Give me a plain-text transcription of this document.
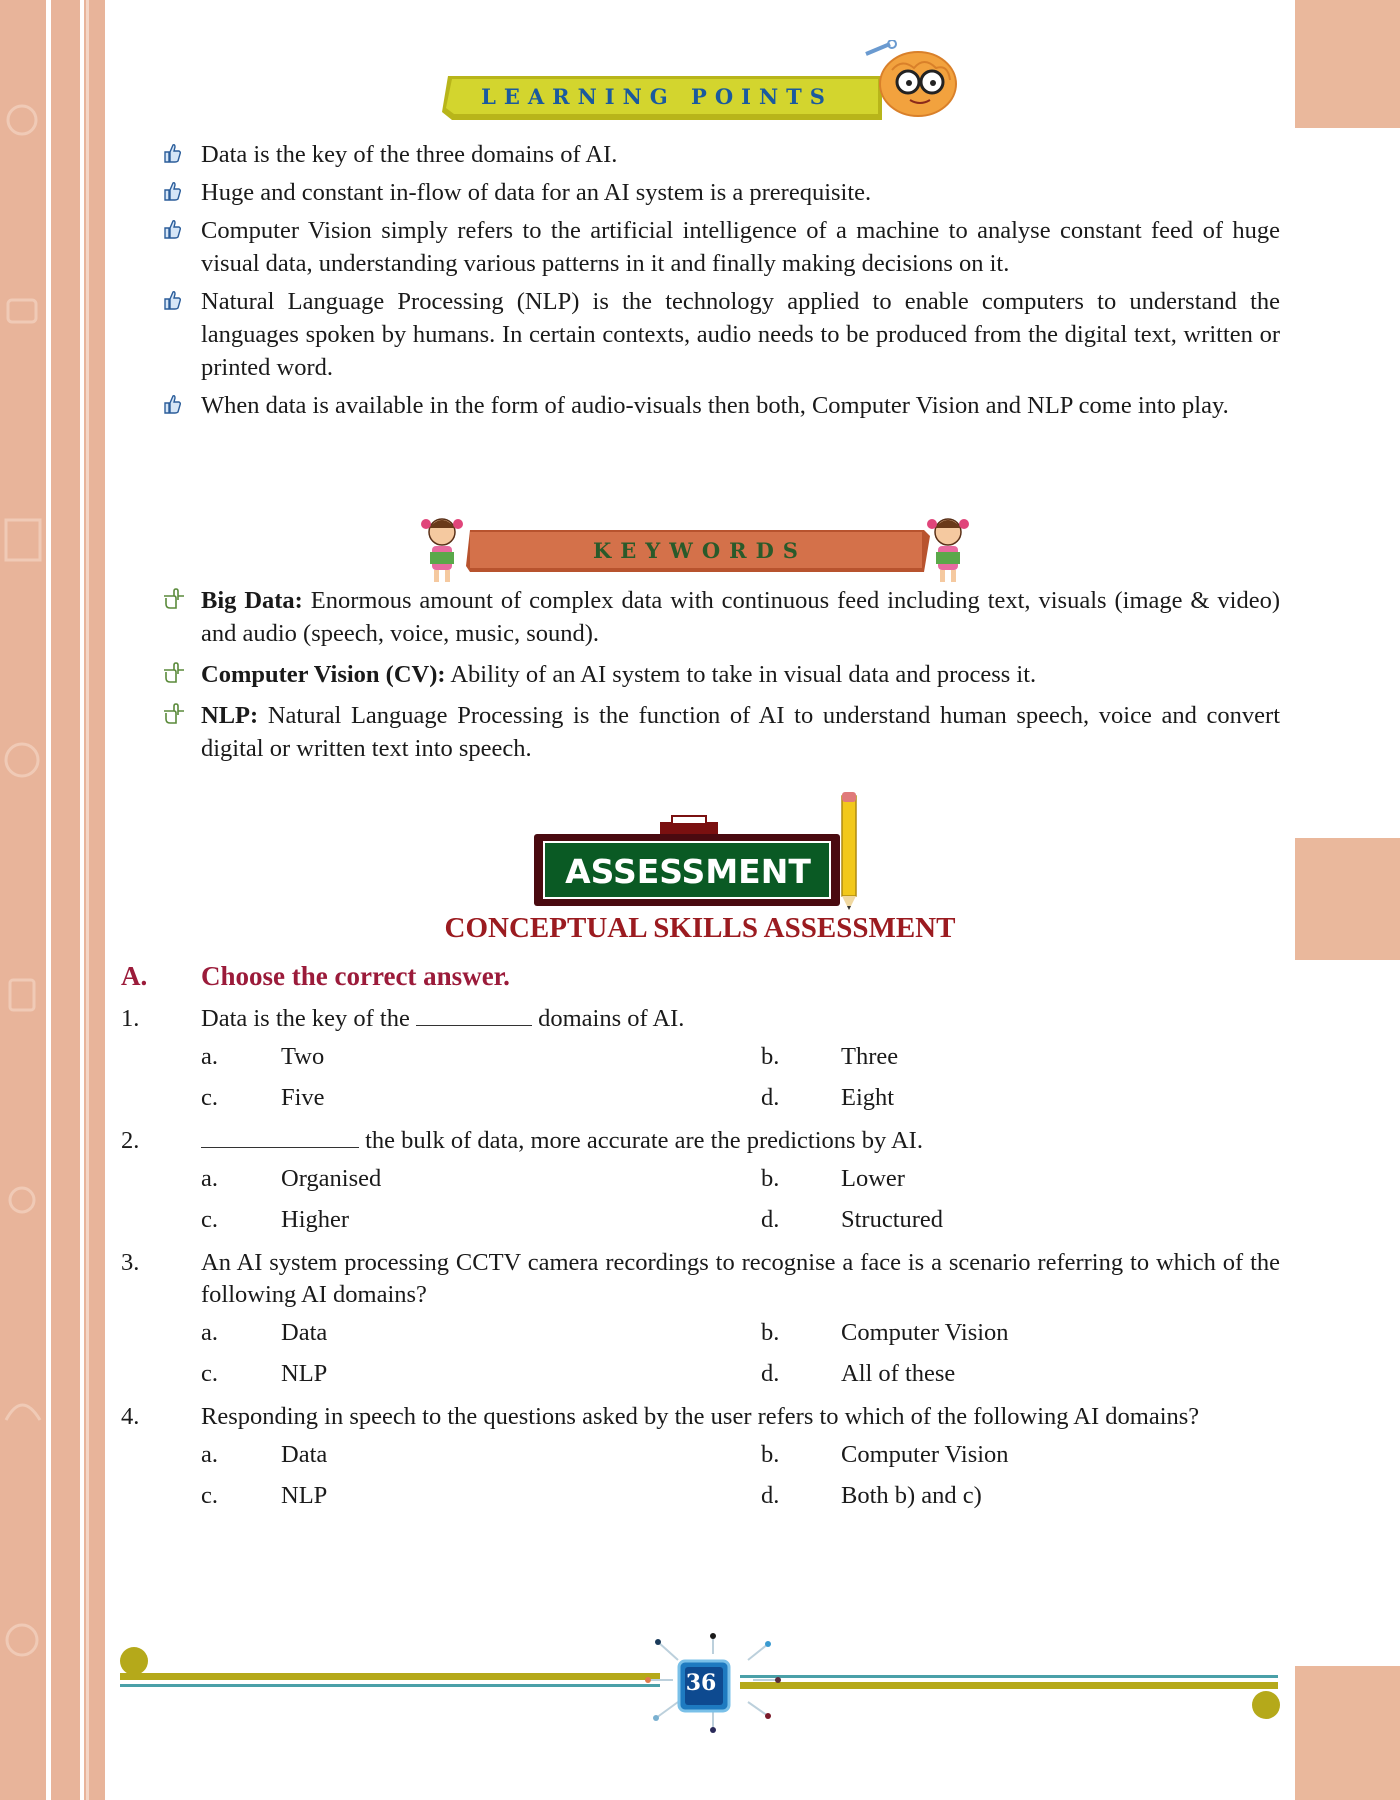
LEARNING POINTS
Data is the key of the three domains of AI.
Huge and constant in-flow of data for an AI system is a prerequisite.
Computer Vision simply refers to the artificial intelligence of a machine to analyse constant feed of huge visual data, understanding various patterns in it and finally making decisions on it.
Natural Language Processing (NLP) is the technology applied to enable computers to understand the languages spoken by humans. In certain contexts, audio needs to be produced from the digital text, written or printed word.
When data is available in the form of audio-visuals then both, Computer Vision and NLP come into play.
KEYWORDS
Big Data: Enormous amount of complex data with continuous feed including text, visuals (image & video) and audio (speech, voice, music, sound).
Computer Vision (CV): Ability of an AI system to take in visual data and process it.
NLP: Natural Language Processing is the function of AI to understand human speech, voice and convert digital or written text into speech.
ASSESSMENT
CONCEPTUAL SKILLS ASSESSMENT
A. Choose the correct answer.
1.	Data is the key of the	domains of AI.
a.	Two	b.	Three
c.	Five	d.	Eight
2.	the bulk of data, more accurate are the predictions by AI.
a.	Organised	b.	Lower
c.	Higher	d.	Structured
3.	An AI system processing CCTV camera recordings to recognise a face is a scenario referring to which of the following AI domains?
a.	Data	b.	Computer Vision
c.	NLP	d.	All of these
4.	Responding in speech to the questions asked by the user refers to which of the following AI domains?
a.	Data	b.	Computer Vision
c.	NLP	d.	Both b) and c)
36
